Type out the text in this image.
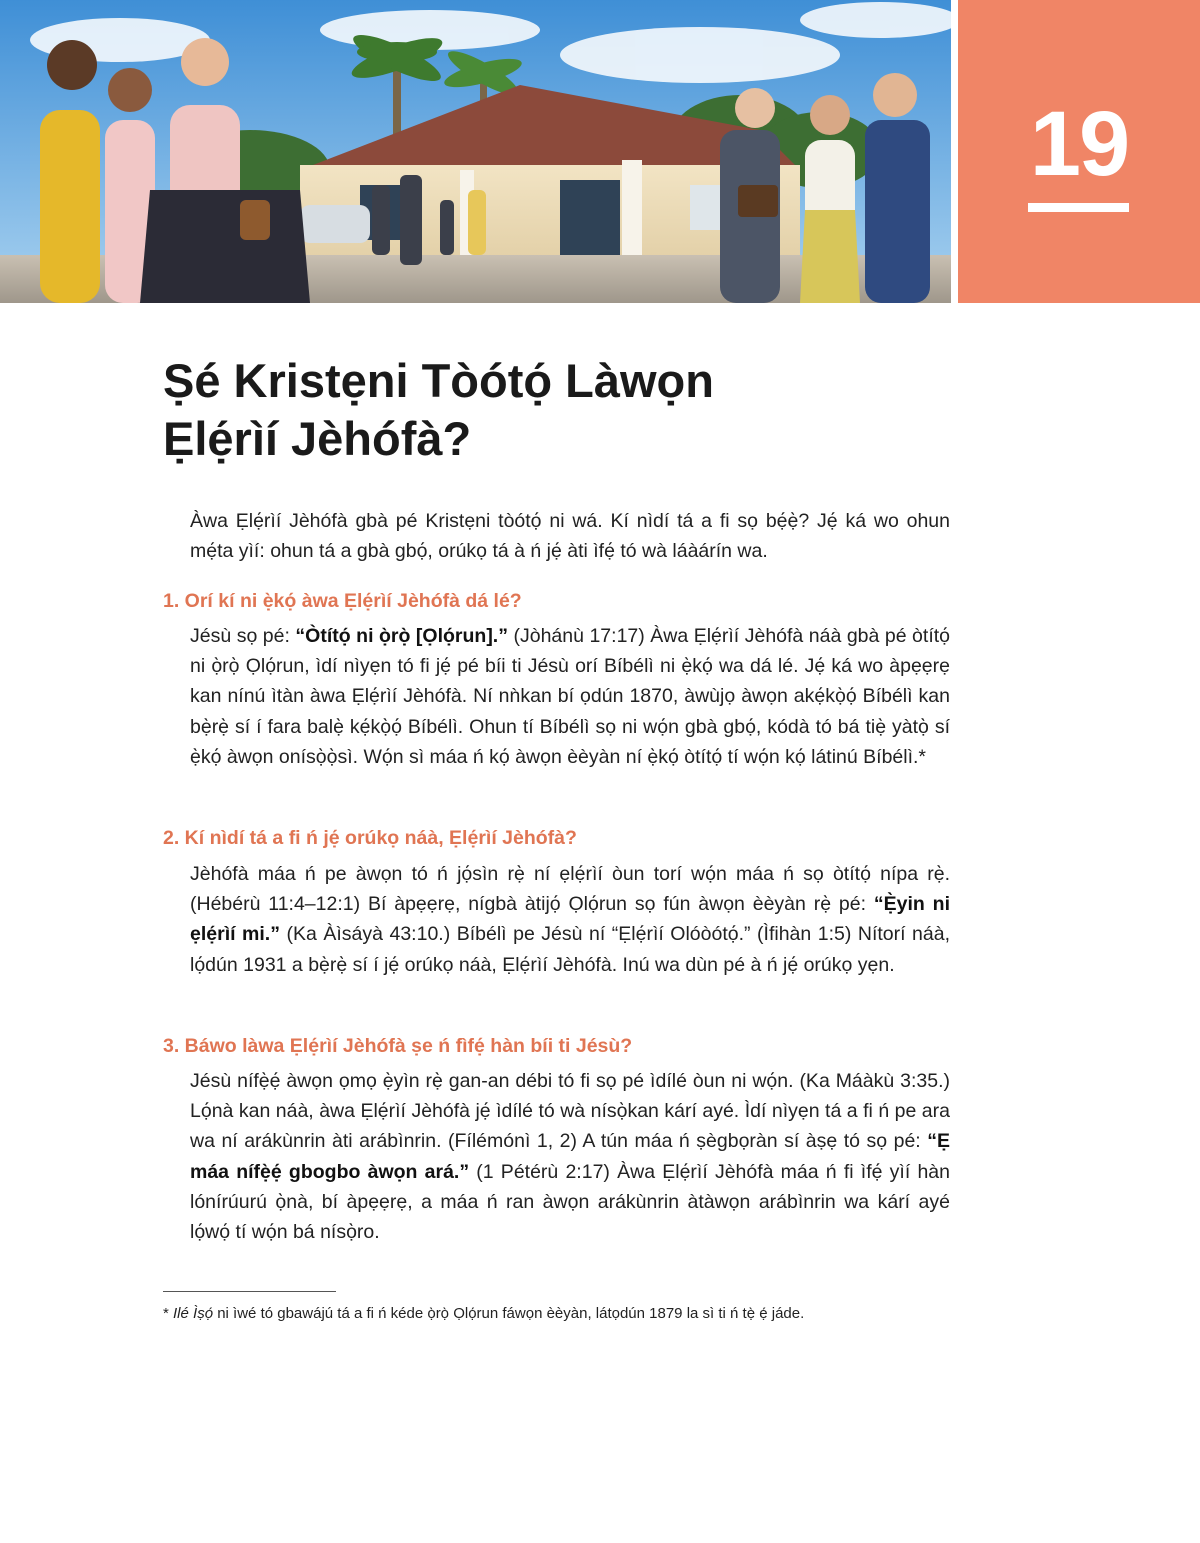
19
Ṣé Kristẹni Tòótọ́ Làwọn
Ẹlẹ́rìí Jèhófà?

Àwa Ẹlẹ́rìí Jèhófà gbà pé Kristẹni tòótọ́ ni wá. Kí nìdí tá a fi sọ bẹ́ẹ̀? Jẹ́ ká wo ohun mẹ́ta yìí: ohun tá a gbà gbọ́, orúkọ tá à ń jẹ́ àti ìfẹ́ tó wà láàárín wa.

1. Orí kí ni ẹ̀kọ́ àwa Ẹlẹ́rìí Jèhófà dá lé?

Jésù sọ pé: “Òtítọ́ ni ọ̀rọ̀ [Ọlọ́run].” (Jòhánù 17:17) Àwa Ẹlẹ́rìí Jèhófà náà gbà pé òtítọ́ ni ọ̀rọ̀ Ọlọ́run, ìdí nìyẹn tó fi jẹ́ pé bíi ti Jésù orí Bíbélì ni ẹ̀kọ́ wa dá lé. Jẹ́ ká wo àpẹẹrẹ kan nínú ìtàn àwa Ẹlẹ́rìí Jèhófà. Ní nǹkan bí ọdún 1870, àwùjọ àwọn akẹ́kọ̀ọ́ Bíbélì kan bẹ̀rẹ̀ sí í fara balẹ̀ kẹ́kọ̀ọ́ Bíbélì. Ohun tí Bíbélì sọ ni wọ́n gbà gbọ́, kódà tó bá tiẹ̀ yàtọ̀ sí ẹ̀kọ́ àwọn onísọ̀ọ̀sì. Wọ́n sì máa ń kọ́ àwọn èèyàn ní ẹ̀kọ́ òtítọ́ tí wọ́n kọ́ látinú Bíbélì.*

2. Kí nìdí tá a fi ń jẹ́ orúkọ náà, Ẹlẹ́rìí Jèhófà?

Jèhófà máa ń pe àwọn tó ń jọ́sìn rẹ̀ ní ẹlẹ́rìí òun torí wọ́n máa ń sọ òtítọ́ nípa rẹ̀. (Hébérù 11:4–12:1) Bí àpẹẹrẹ, nígbà àtijọ́ Ọlọ́run sọ fún àwọn èèyàn rẹ̀ pé: “Ẹ̀yin ni ẹlẹ́rìí mi.” (Ka Àìsáyà 43:10.) Bíbélì pe Jésù ní “Ẹlẹ́rìí Olóòótọ́.” (Ìfihàn 1:5) Nítorí náà, lọ́dún 1931 a bẹ̀rẹ̀ sí í jẹ́ orúkọ náà, Ẹlẹ́rìí Jèhófà. Inú wa dùn pé à ń jẹ́ orúkọ yẹn.

3. Báwo làwa Ẹlẹ́rìí Jèhófà ṣe ń fìfẹ́ hàn bíi ti Jésù?

Jésù nífẹ̀ẹ́ àwọn ọmọ ẹ̀yìn rẹ̀ gan-an débi tó fi sọ pé ìdílé òun ni wọ́n. (Ka Máàkù 3:35.) Lọ́nà kan náà, àwa Ẹlẹ́rìí Jèhófà jẹ́ ìdílé tó wà nísọ̀kan kárí ayé. Ìdí nìyẹn tá a fi ń pe ara wa ní arákùnrin àti arábìnrin. (Fílémónì 1, 2) A tún máa ń ṣègbọràn sí àṣẹ tó sọ pé: “Ẹ máa nífẹ̀ẹ́ gbogbo àwọn ará.” (1 Pétérù 2:17) Àwa Ẹlẹ́rìí Jèhófà máa ń fi ìfẹ́ yìí hàn lónírúurú ọ̀nà, bí àpẹẹrẹ, a máa ń ran àwọn arákùnrin àtàwọn arábìnrin wa kárí ayé lọ́wọ́ tí wọ́n bá nísọ̀ro.

* Ilé Ìṣọ́ ni ìwé tó gbawájú tá a fi ń kéde ọ̀rọ̀ Ọlọ́run fáwọn èèyàn, látọdún 1879 la sì ti ń tẹ̀ ẹ́ jáde.
